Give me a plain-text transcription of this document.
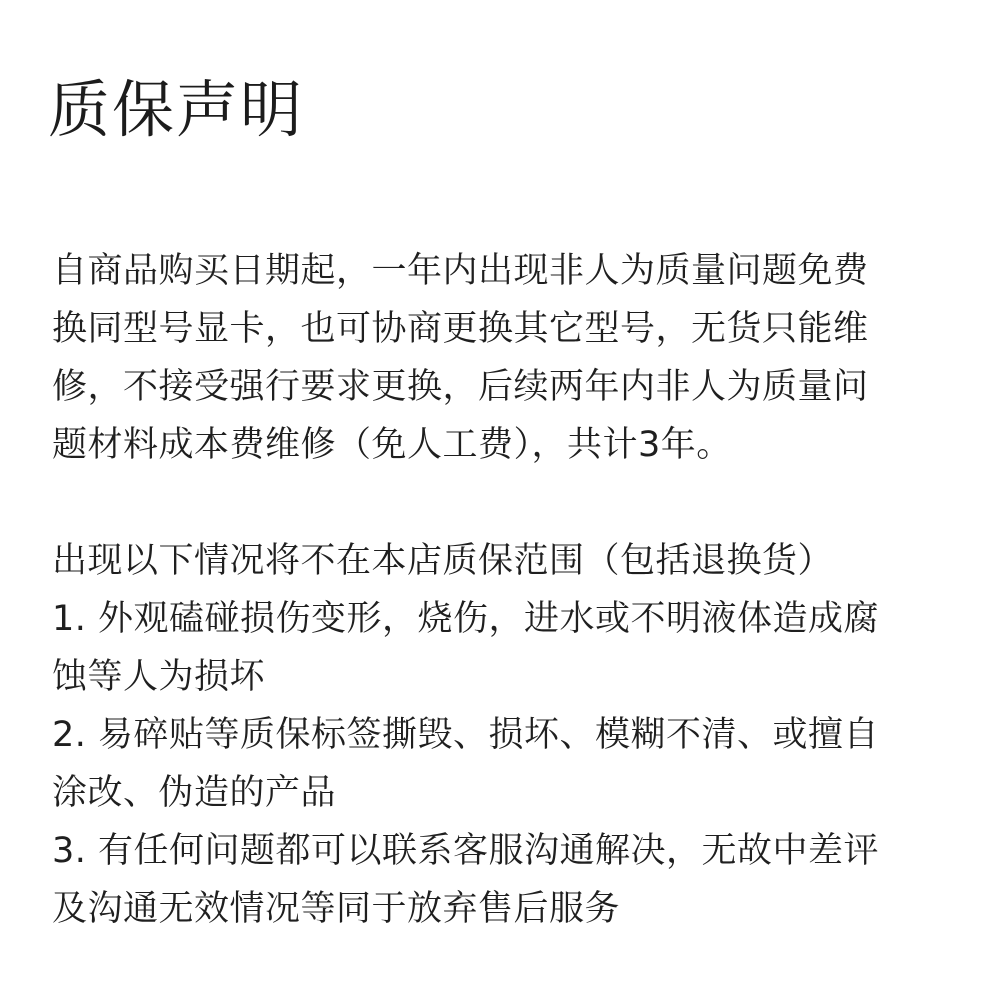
质保声明
自商品购买日期起，一年内出现非人为质量问题免费
换同型号显卡，也可协商更换其它型号，无货只能维
修，不接受强行要求更换，后续两年内非人为质量问
题材料成本费维修（免人工费），共计3年。
出现以下情况将不在本店质保范围（包括退换货）
1. 外观磕碰损伤变形，烧伤，进水或不明液体造成腐
蚀等人为损坏
2. 易碎贴等质保标签撕毁、损坏、模糊不清、或擅自
涂改、伪造的产品
3. 有任何问题都可以联系客服沟通解决，无故中差评
及沟通无效情况等同于放弃售后服务
